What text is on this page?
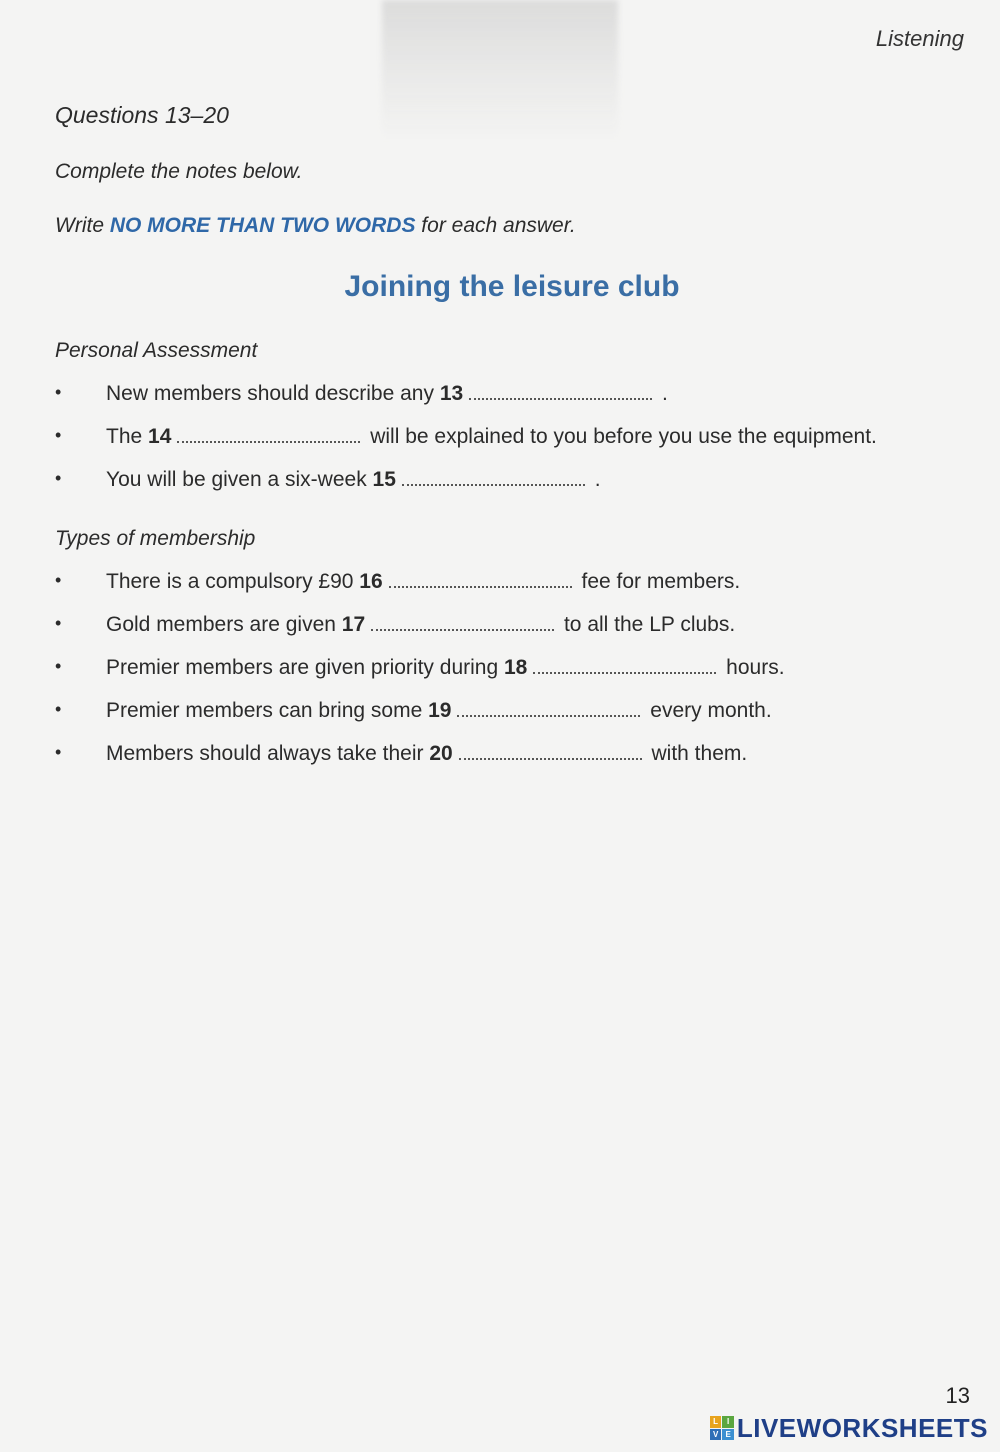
Listening
Questions 13–20
Complete the notes below.
Write NO MORE THAN TWO WORDS for each answer.
Joining the leisure club
Personal Assessment
• New members should describe any 13	.
• The 14	will be explained to you before you use the equipment.
• You will be given a six-week 15	.
Types of membership
• There is a compulsory £90 16	fee for members.
• Gold members are given 17	to all the LP clubs.
• Premier members are given priority during 18	hours.
• Premier members can bring some 19	every month.
• Members should always take their 20	with them.
13
L	I
V E LIVEWORKSHEETS
